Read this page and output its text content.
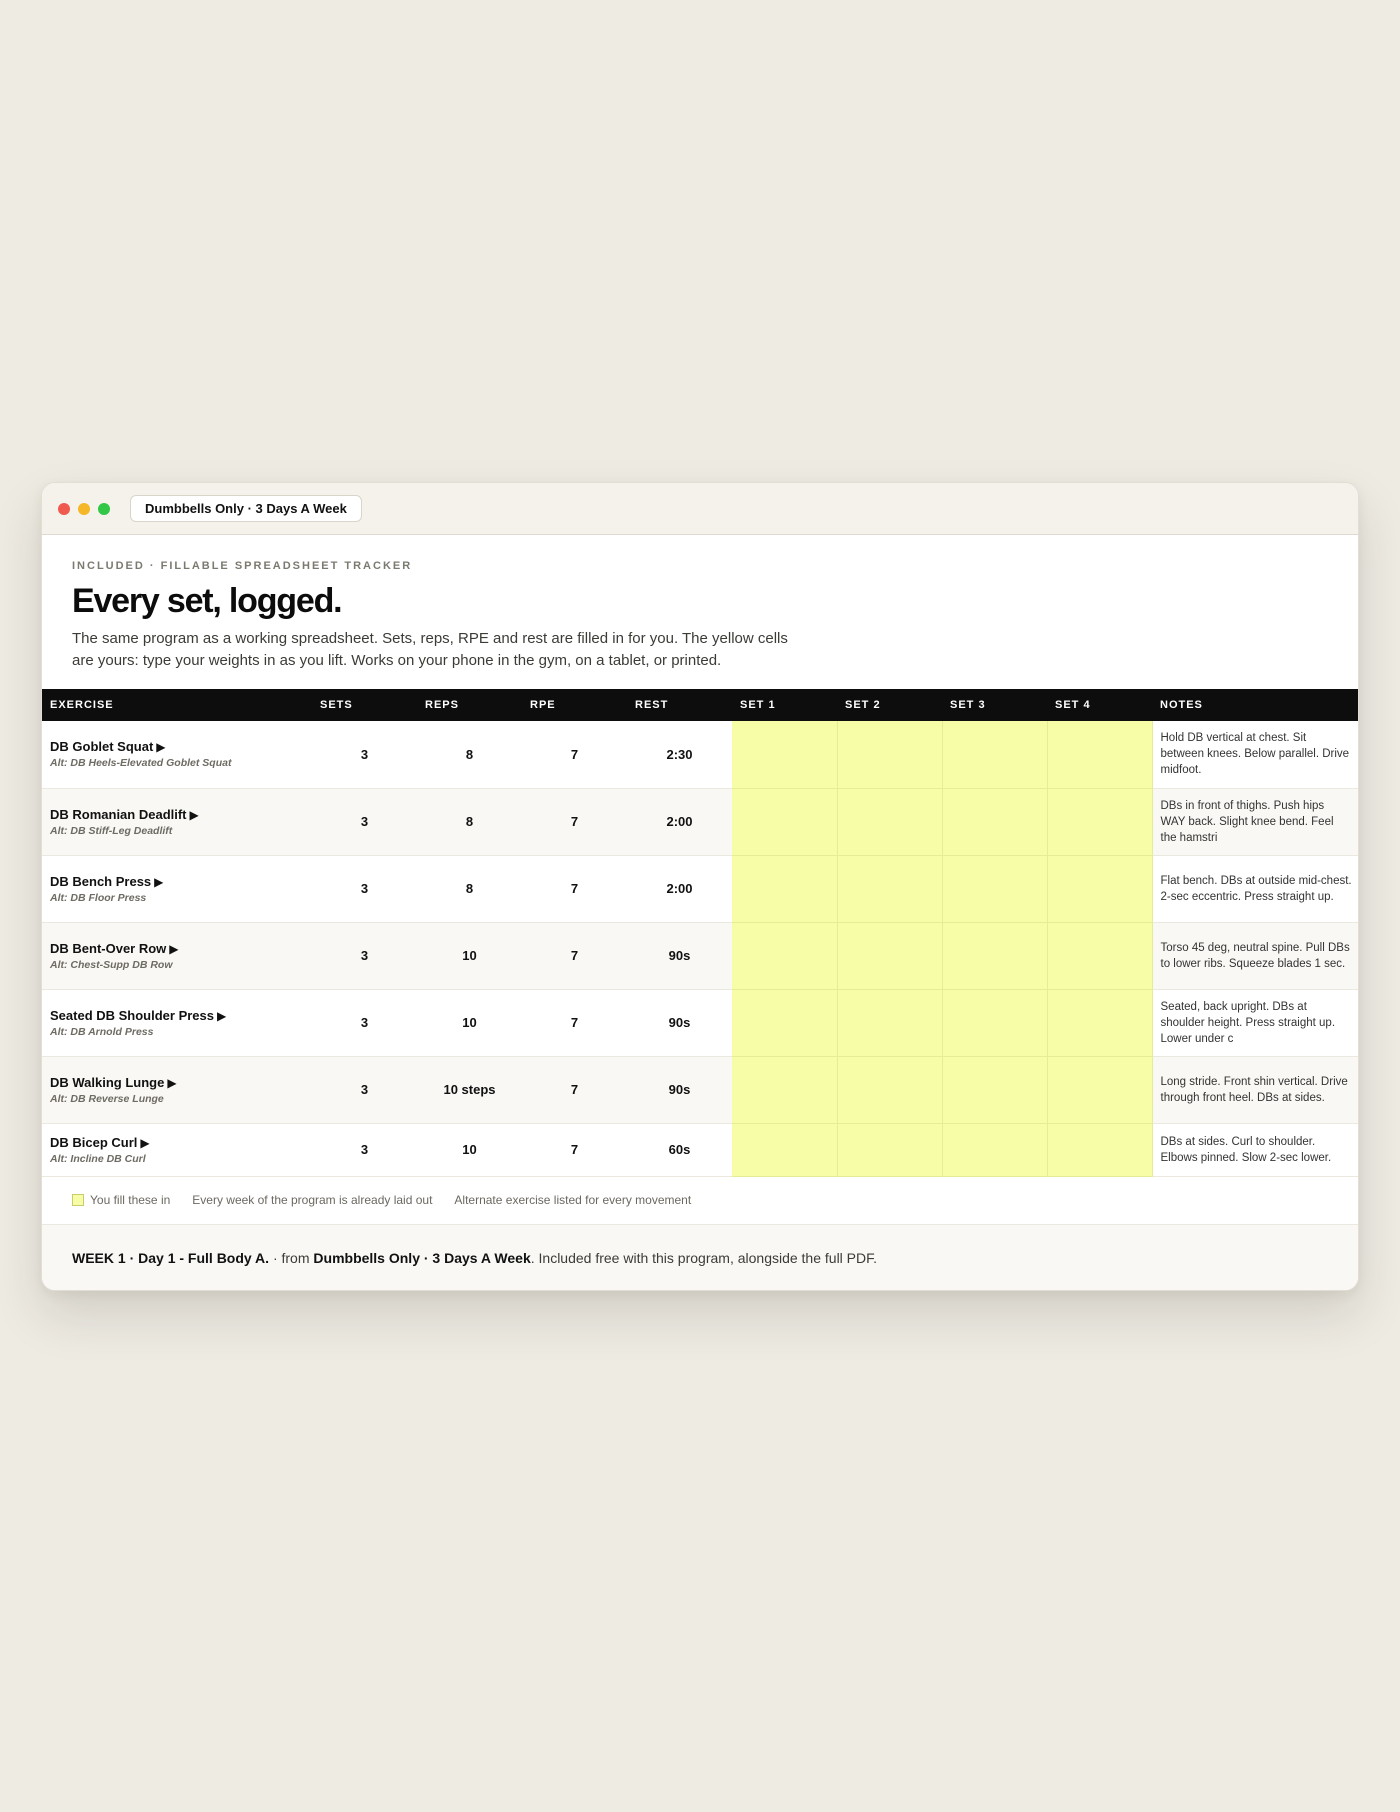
Dumbbells Only · 3 Days A Week
INCLUDED · FILLABLE SPREADSHEET TRACKER
Every set, logged.

The same program as a working spreadsheet. Sets, reps, RPE and rest are filled in for you. The yellow cells are yours: type your weights in as you lift. Works on your phone in the gym, on a tablet, or printed.

EXERCISE	SETS	REPS	RPE	REST	SET 1	SET 2	SET 3	SET 4	NOTES

DB Goblet Squat ▶
Alt: DB Heels-Elevated Goblet Squat	3	8	7	2:30					Hold DB vertical at chest. Sit between knees. Below parallel. Drive midfoot.

DB Romanian Deadlift ▶
Alt: DB Stiff-Leg Deadlift	3	8	7	2:00					DBs in front of thighs. Push hips WAY back. Slight knee bend. Feel the hamstri

DB Bench Press ▶
Alt: DB Floor Press	3	8	7	2:00					Flat bench. DBs at outside mid-chest. 2-sec eccentric. Press straight up.

DB Bent-Over Row ▶
Alt: Chest-Supp DB Row	3	10	7	90s					Torso 45 deg, neutral spine. Pull DBs to lower ribs. Squeeze blades 1 sec.

Seated DB Shoulder Press ▶
Alt: DB Arnold Press	3	10	7	90s					Seated, back upright. DBs at shoulder height. Press straight up. Lower under c

DB Walking Lunge ▶
Alt: DB Reverse Lunge	3	10 steps	7	90s					Long stride. Front shin vertical. Drive through front heel. DBs at sides.

DB Bicep Curl ▶
Alt: Incline DB Curl	3	10	7	60s					DBs at sides. Curl to shoulder. Elbows pinned. Slow 2-sec lower.
You fill these in Every week of the program is already laid out Alternate exercise listed for every movement
WEEK 1 · Day 1 - Full Body A. · from Dumbbells Only · 3 Days A Week. Included free with this program, alongside the full PDF.
